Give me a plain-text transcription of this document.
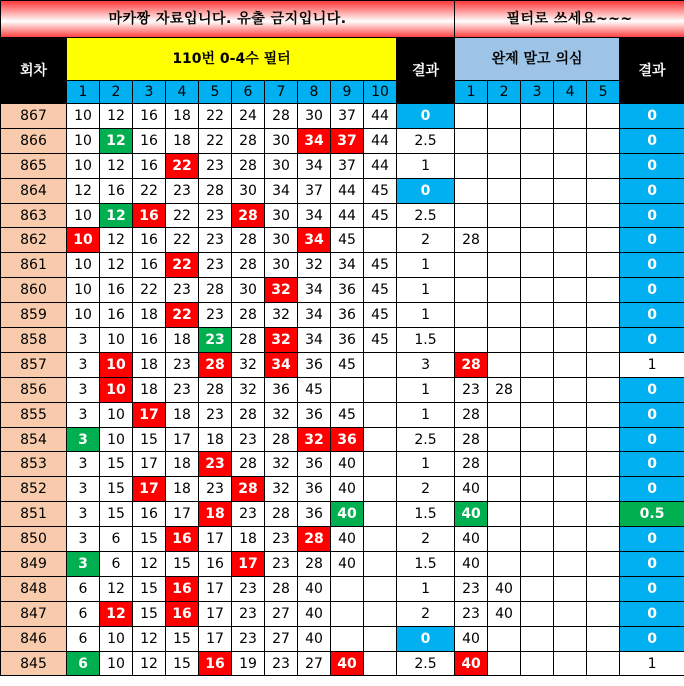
마카짱 자료입니다. 유출 금지입니다.												필터로 쓰세요~~~					
회차	110번 0-4수 필터										결과	완제 말고 의심					결과
	1	2	3	4	5	6	7	8	9	10		1	2	3	4	5	
867	10	12	16	18	22	24	28	30	37	44	0						0
866	10	12	16	18	22	28	30	34	37	44	2.5						0
865	10	12	16	22	23	28	30	34	37	44	1						0
864	12	16	22	23	28	30	34	37	44	45	0						0
863	10	12	16	22	23	28	30	34	44	45	2.5						0
862	10	12	16	22	23	28	30	34	45		2	28					0
861	10	12	16	22	23	28	30	32	34	45	1						0
860	10	16	22	23	28	30	32	34	36	45	1						0
859	10	16	18	22	23	28	32	34	36	45	1						0
858	3	10	16	18	23	28	32	34	36	45	1.5						0
857	3	10	18	23	28	32	34	36	45		3	28					1
856	3	10	18	23	28	32	36	45			1	23	28				0
855	3	10	17	18	23	28	32	36	45		1	28					0
854	3	10	15	17	18	23	28	32	36		2.5	28					0
853	3	15	17	18	23	28	32	36	40		1	28					0
852	3	15	17	18	23	28	32	36	40		2	40					0
851	3	15	16	17	18	23	28	36	40		1.5	40					0.5
850	3	6	15	16	17	18	23	28	40		2	40					0
849	3	6	12	15	16	17	23	28	40		1.5	40					0
848	6	12	15	16	17	23	28	40			1	23	40				0
847	6	12	15	16	17	23	27	40			2	23	40				0
846	6	10	12	15	17	23	27	40			0	40					0
845	6	10	12	15	16	19	23	27	40		2.5	40					1
